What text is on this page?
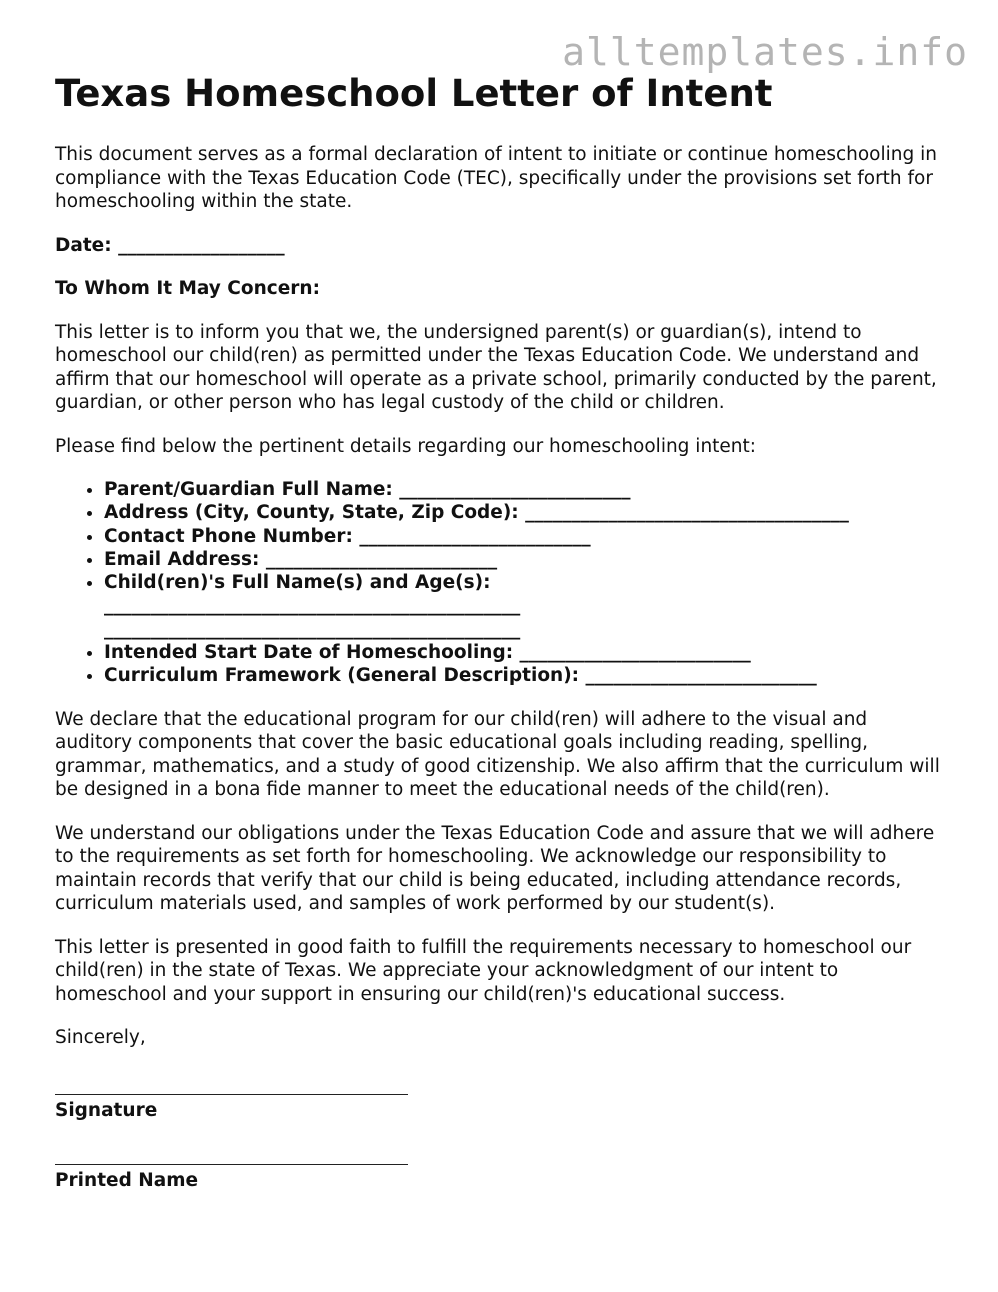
alltemplates.info
Texas Homeschool Letter of Intent

This document serves as a formal declaration of intent to initiate or continue homeschooling in compliance with the Texas Education Code (TEC), specifically under the provisions set forth for homeschooling within the state.

Date: __________________

To Whom It May Concern:

This letter is to inform you that we, the undersigned parent(s) or guardian(s), intend to homeschool our child(ren) as permitted under the Texas Education Code. We understand and affirm that our homeschool will operate as a private school, primarily conducted by the parent, guardian, or other person who has legal custody of the child or children.

Please find below the pertinent details regarding our homeschooling intent:

• Parent/Guardian Full Name: _________________________
• Address (City, County, State, Zip Code): ___________________________________
• Contact Phone Number: _________________________
• Email Address: _________________________
• Child(ren)'s Full Name(s) and Age(s): _____________________________________________ _____________________________________________
• Intended Start Date of Homeschooling: _________________________
• Curriculum Framework (General Description): _________________________

We declare that the educational program for our child(ren) will adhere to the visual and auditory components that cover the basic educational goals including reading, spelling, grammar, mathematics, and a study of good citizenship. We also affirm that the curriculum will be designed in a bona fide manner to meet the educational needs of the child(ren).

We understand our obligations under the Texas Education Code and assure that we will adhere to the requirements as set forth for homeschooling. We acknowledge our responsibility to maintain records that verify that our child is being educated, including attendance records, curriculum materials used, and samples of work performed by our student(s).

This letter is presented in good faith to fulfill the requirements necessary to homeschool our child(ren) in the state of Texas. We appreciate your acknowledgment of our intent to homeschool and your support in ensuring our child(ren)'s educational success.

Sincerely,

Signature

Printed Name
